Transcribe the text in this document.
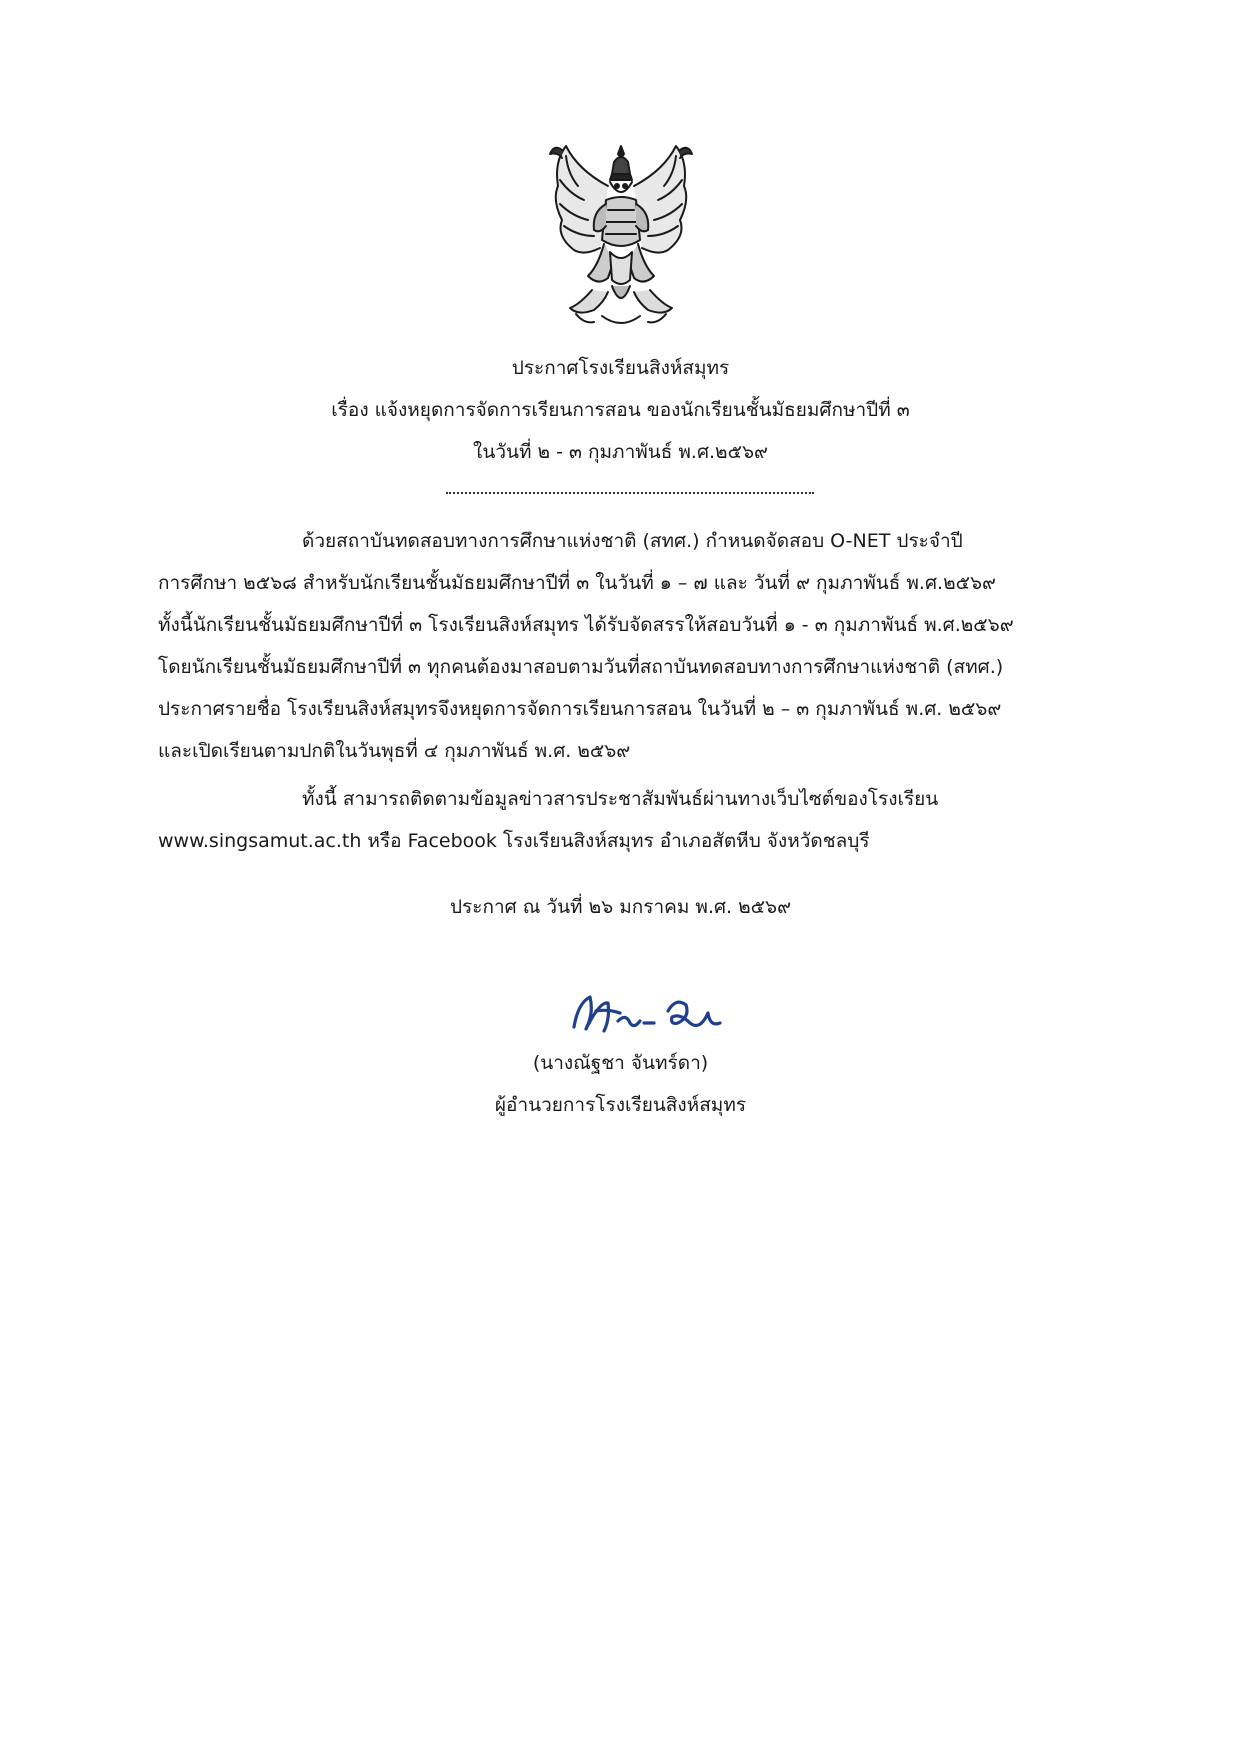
ประกาศโรงเรียนสิงห์สมุทร
เรื่อง แจ้งหยุดการจัดการเรียนการสอน ของนักเรียนชั้นมัธยมศึกษาปีที่ ๓
ในวันที่ ๒ - ๓ กุมภาพันธ์ พ.ศ.๒๕๖๙
ด้วยสถาบันทดสอบทางการศึกษาแห่งชาติ (สทศ.) กำหนดจัดสอบ O-NET ประจำปี
การศึกษา ๒๕๖๘ สำหรับนักเรียนชั้นมัธยมศึกษาปีที่ ๓ ในวันที่ ๑ – ๗ และ วันที่ ๙ กุมภาพันธ์ พ.ศ.๒๕๖๙
ทั้งนี้นักเรียนชั้นมัธยมศึกษาปีที่ ๓ โรงเรียนสิงห์สมุทร ได้รับจัดสรรให้สอบวันที่ ๑ - ๓ กุมภาพันธ์ พ.ศ.๒๕๖๙
โดยนักเรียนชั้นมัธยมศึกษาปีที่ ๓ ทุกคนต้องมาสอบตามวันที่สถาบันทดสอบทางการศึกษาแห่งชาติ (สทศ.)
ประกาศรายชื่อ โรงเรียนสิงห์สมุทรจึงหยุดการจัดการเรียนการสอน ในวันที่ ๒ – ๓ กุมภาพันธ์ พ.ศ. ๒๕๖๙
และเปิดเรียนตามปกติในวันพุธที่ ๔ กุมภาพันธ์ พ.ศ. ๒๕๖๙
ทั้งนี้ สามารถติดตามข้อมูลข่าวสารประชาสัมพันธ์ผ่านทางเว็บไซต์ของโรงเรียน
www.singsamut.ac.th หรือ Facebook โรงเรียนสิงห์สมุทร อำเภอสัตหีบ จังหวัดชลบุรี
ประกาศ ณ วันที่ ๒๖ มกราคม พ.ศ. ๒๕๖๙
(นางณัฐชา จันทร์ดา)
ผู้อำนวยการโรงเรียนสิงห์สมุทร
